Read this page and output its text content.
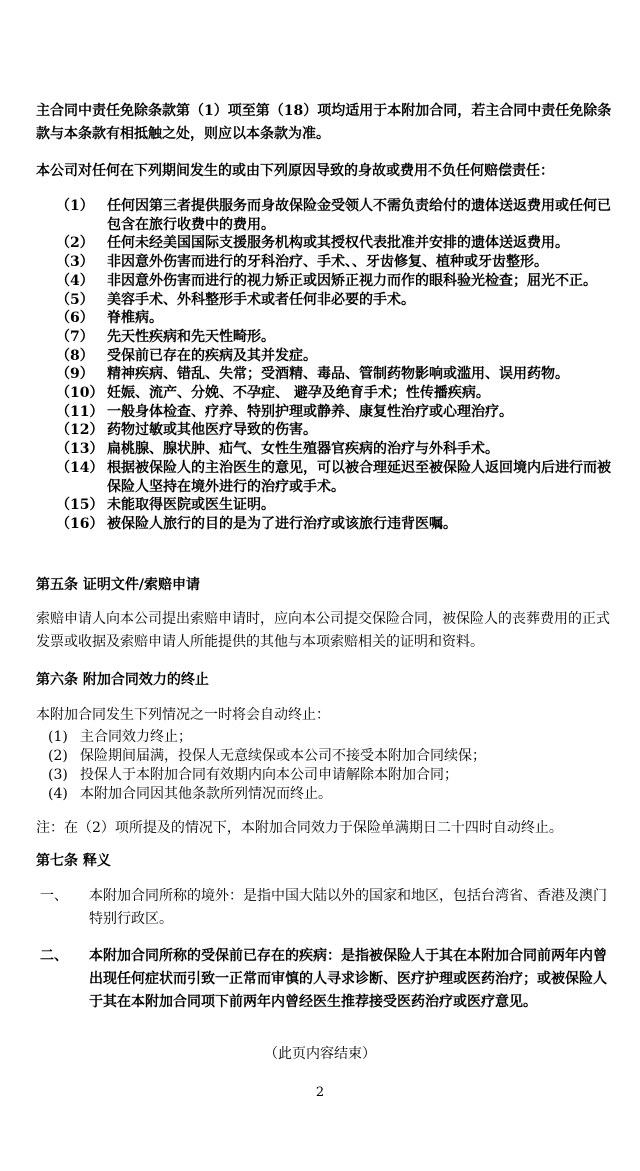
主合同中责任免除条款第（1）项至第（18）项均适用于本附加合同，若主合同中责任免除条款与本条款有相抵触之处，则应以本条款为准。
本公司对任何在下列期间发生的或由下列原因导致的身故或费用不负任何赔偿责任：
（1） 任何因第三者提供服务而身故保险金受领人不需负责给付的遗体送返费用或任何已包含在旅行收费中的费用。
（2） 任何未经美国国际支援服务机构或其授权代表批准并安排的遗体送返费用。
（3） 非因意外伤害而进行的牙科治疗、手术、、牙齿修复、植种或牙齿整形。
（4） 非因意外伤害而进行的视力矫正或因矫正视力而作的眼科验光检查；屈光不正。
（5） 美容手术、外科整形手术或者任何非必要的手术。
（6） 脊椎病。
（7） 先天性疾病和先天性畸形。
（8） 受保前已存在的疾病及其并发症。
（9） 精神疾病、错乱、失常；受酒精、毒品、管制药物影响或滥用、误用药物。
（10） 妊娠、流产、分娩、不孕症、 避孕及绝育手术；性传播疾病。
（11） 一般身体检查、疗养、特别护理或静养、康复性治疗或心理治疗。
（12） 药物过敏或其他医疗导致的伤害。
（13） 扁桃腺、腺状肿、疝气、女性生殖器官疾病的治疗与外科手术。
（14） 根据被保险人的主治医生的意见，可以被合理延迟至被保险人返回境内后进行而被保险人坚持在境外进行的治疗或手术。
（15） 未能取得医院或医生证明。
（16） 被保险人旅行的目的是为了进行治疗或该旅行违背医嘱。
第五条 证明文件/索赔申请
索赔申请人向本公司提出索赔申请时，应向本公司提交保险合同，被保险人的丧葬费用的正式发票或收据及索赔申请人所能提供的其他与本项索赔相关的证明和资料。
第六条 附加合同效力的终止
本附加合同发生下列情况之一时将会自动终止：
(1) 主合同效力终止；
(2) 保险期间届满，投保人无意续保或本公司不接受本附加合同续保；
(3) 投保人于本附加合同有效期内向本公司申请解除本附加合同；
(4) 本附加合同因其他条款所列情况而终止。
注：在（2）项所提及的情况下，本附加合同效力于保险单满期日二十四时自动终止。
第七条 释义
一、 本附加合同所称的境外：是指中国大陆以外的国家和地区，包括台湾省、香港及澳门特别行政区。
二、 本附加合同所称的受保前已存在的疾病：是指被保险人于其在本附加合同前两年内曾出现任何症状而引致一正常而审慎的人寻求诊断、医疗护理或医药治疗；或被保险人于其在本附加合同项下前两年内曾经医生推荐接受医药治疗或医疗意见。
（此页内容结束）
2
